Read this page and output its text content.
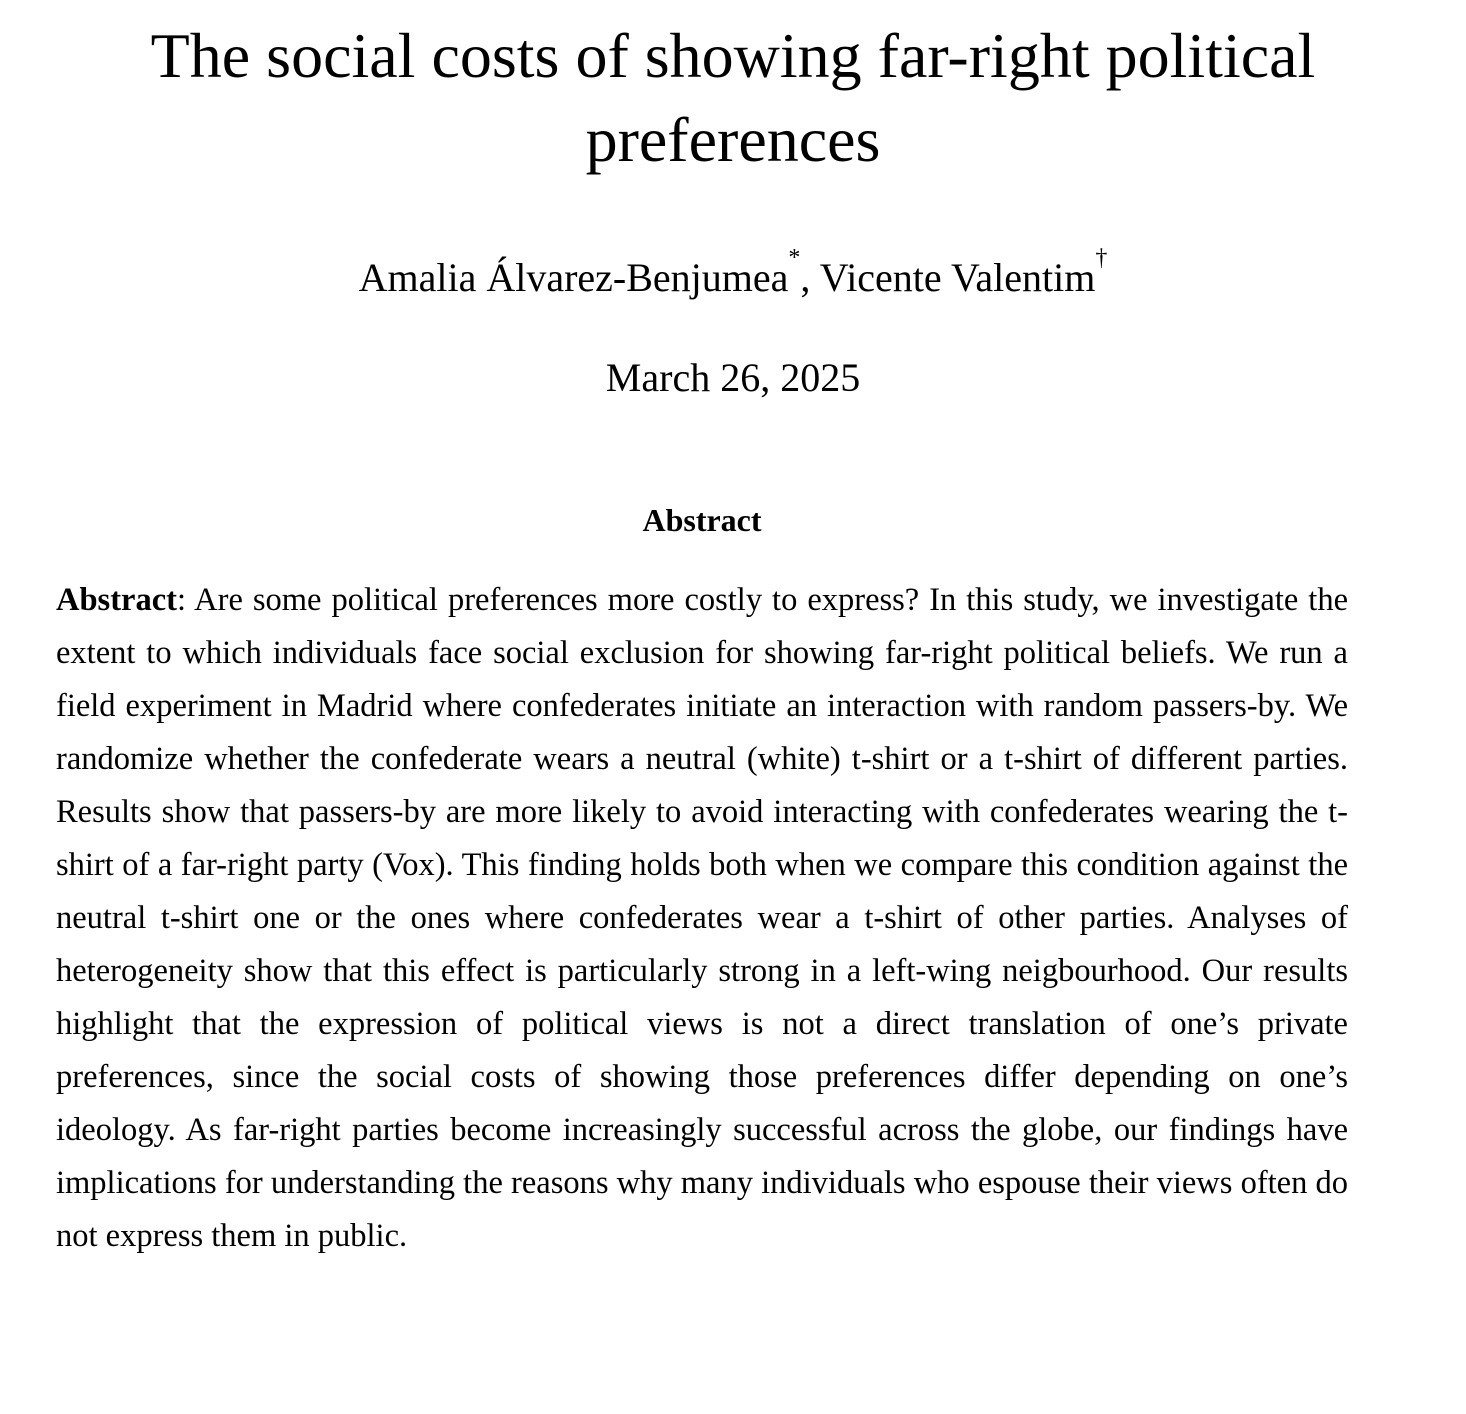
The social costs of showing far-right political preferences
Amalia Álvarez-Benjumea*, Vicente Valentim†
March 26, 2025
Abstract

Abstract: Are some political preferences more costly to express? In this study, we investigate the extent to which individuals face social exclusion for showing far-right political beliefs. We run a field experiment in Madrid where confederates initiate an interaction with random passers-by. We randomize whether the confederate wears a neutral (white) t-shirt or a t-shirt of different parties. Results show that passers-by are more likely to avoid interacting with confederates wearing the t-shirt of a far-right party (Vox). This finding holds both when we compare this condition against the neutral t-shirt one or the ones where confederates wear a t-shirt of other parties. Analyses of heterogeneity show that this effect is particularly strong in a left-wing neigbourhood. Our results highlight that the expression of political views is not a direct translation of one’s private preferences, since the social costs of showing those preferences differ depending on one’s ideology. As far-right parties become increasingly successful across the globe, our findings have implications for understanding the reasons why many individuals who espouse their views often do not express them in public.
